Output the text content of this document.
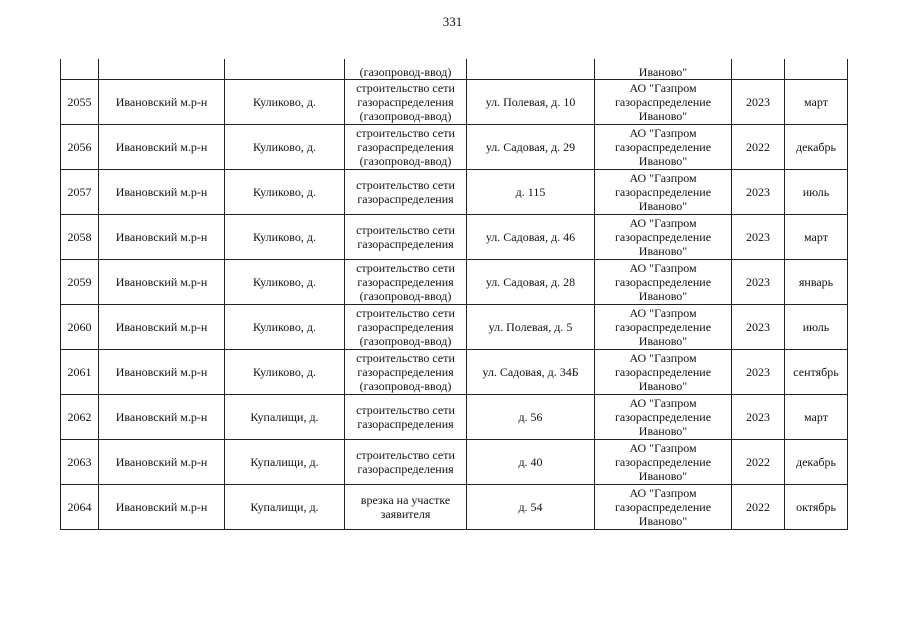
331
			(газопровод-ввод)		Иваново"		
2055	Ивановский м.р-н	Куликово, д.	строительство сети
газораспределения
(газопровод-ввод)	ул. Полевая, д. 10	АО "Газпром
газораспределение
Иваново"	2023	март
2056	Ивановский м.р-н	Куликово, д.	строительство сети
газораспределения
(газопровод-ввод)	ул. Садовая, д. 29	АО "Газпром
газораспределение
Иваново"	2022	декабрь
2057	Ивановский м.р-н	Куликово, д.	строительство сети
газораспределения	д. 115	АО "Газпром
газораспределение
Иваново"	2023	июль
2058	Ивановский м.р-н	Куликово, д.	строительство сети
газораспределения	ул. Садовая, д. 46	АО "Газпром
газораспределение
Иваново"	2023	март
2059	Ивановский м.р-н	Куликово, д.	строительство сети
газораспределения
(газопровод-ввод)	ул. Садовая, д. 28	АО "Газпром
газораспределение
Иваново"	2023	январь
2060	Ивановский м.р-н	Куликово, д.	строительство сети
газораспределения
(газопровод-ввод)	ул. Полевая, д. 5	АО "Газпром
газораспределение
Иваново"	2023	июль
2061	Ивановский м.р-н	Куликово, д.	строительство сети
газораспределения
(газопровод-ввод)	ул. Садовая, д. 34Б	АО "Газпром
газораспределение
Иваново"	2023	сентябрь
2062	Ивановский м.р-н	Купалищи, д.	строительство сети
газораспределения	д. 56	АО "Газпром
газораспределение
Иваново"	2023	март
2063	Ивановский м.р-н	Купалищи, д.	строительство сети
газораспределения	д. 40	АО "Газпром
газораспределение
Иваново"	2022	декабрь
2064	Ивановский м.р-н	Купалищи, д.	врезка на участке
заявителя	д. 54	АО "Газпром
газораспределение
Иваново"	2022	октябрь
